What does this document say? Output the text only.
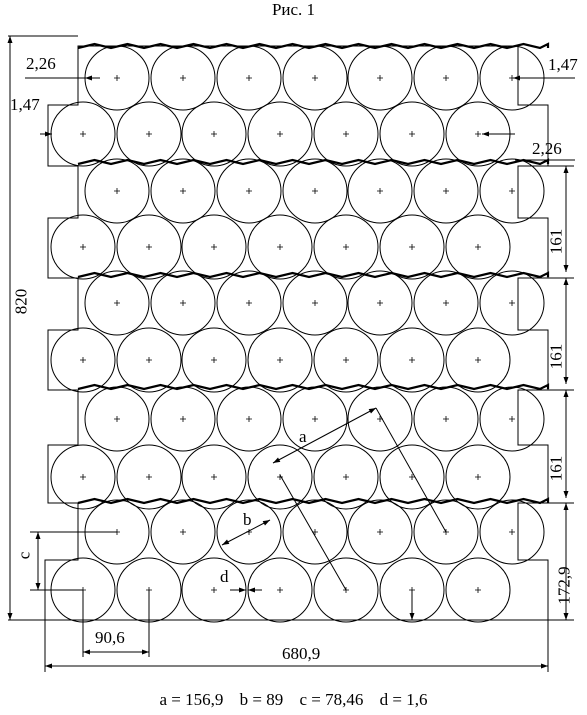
Рис. 1
2,26	1,47
1,47
2,26
820
161
161
161
172,9
90,6
680,9
a
b
c
d
a = 156,9 b = 89 c = 78,46 d = 1,6
